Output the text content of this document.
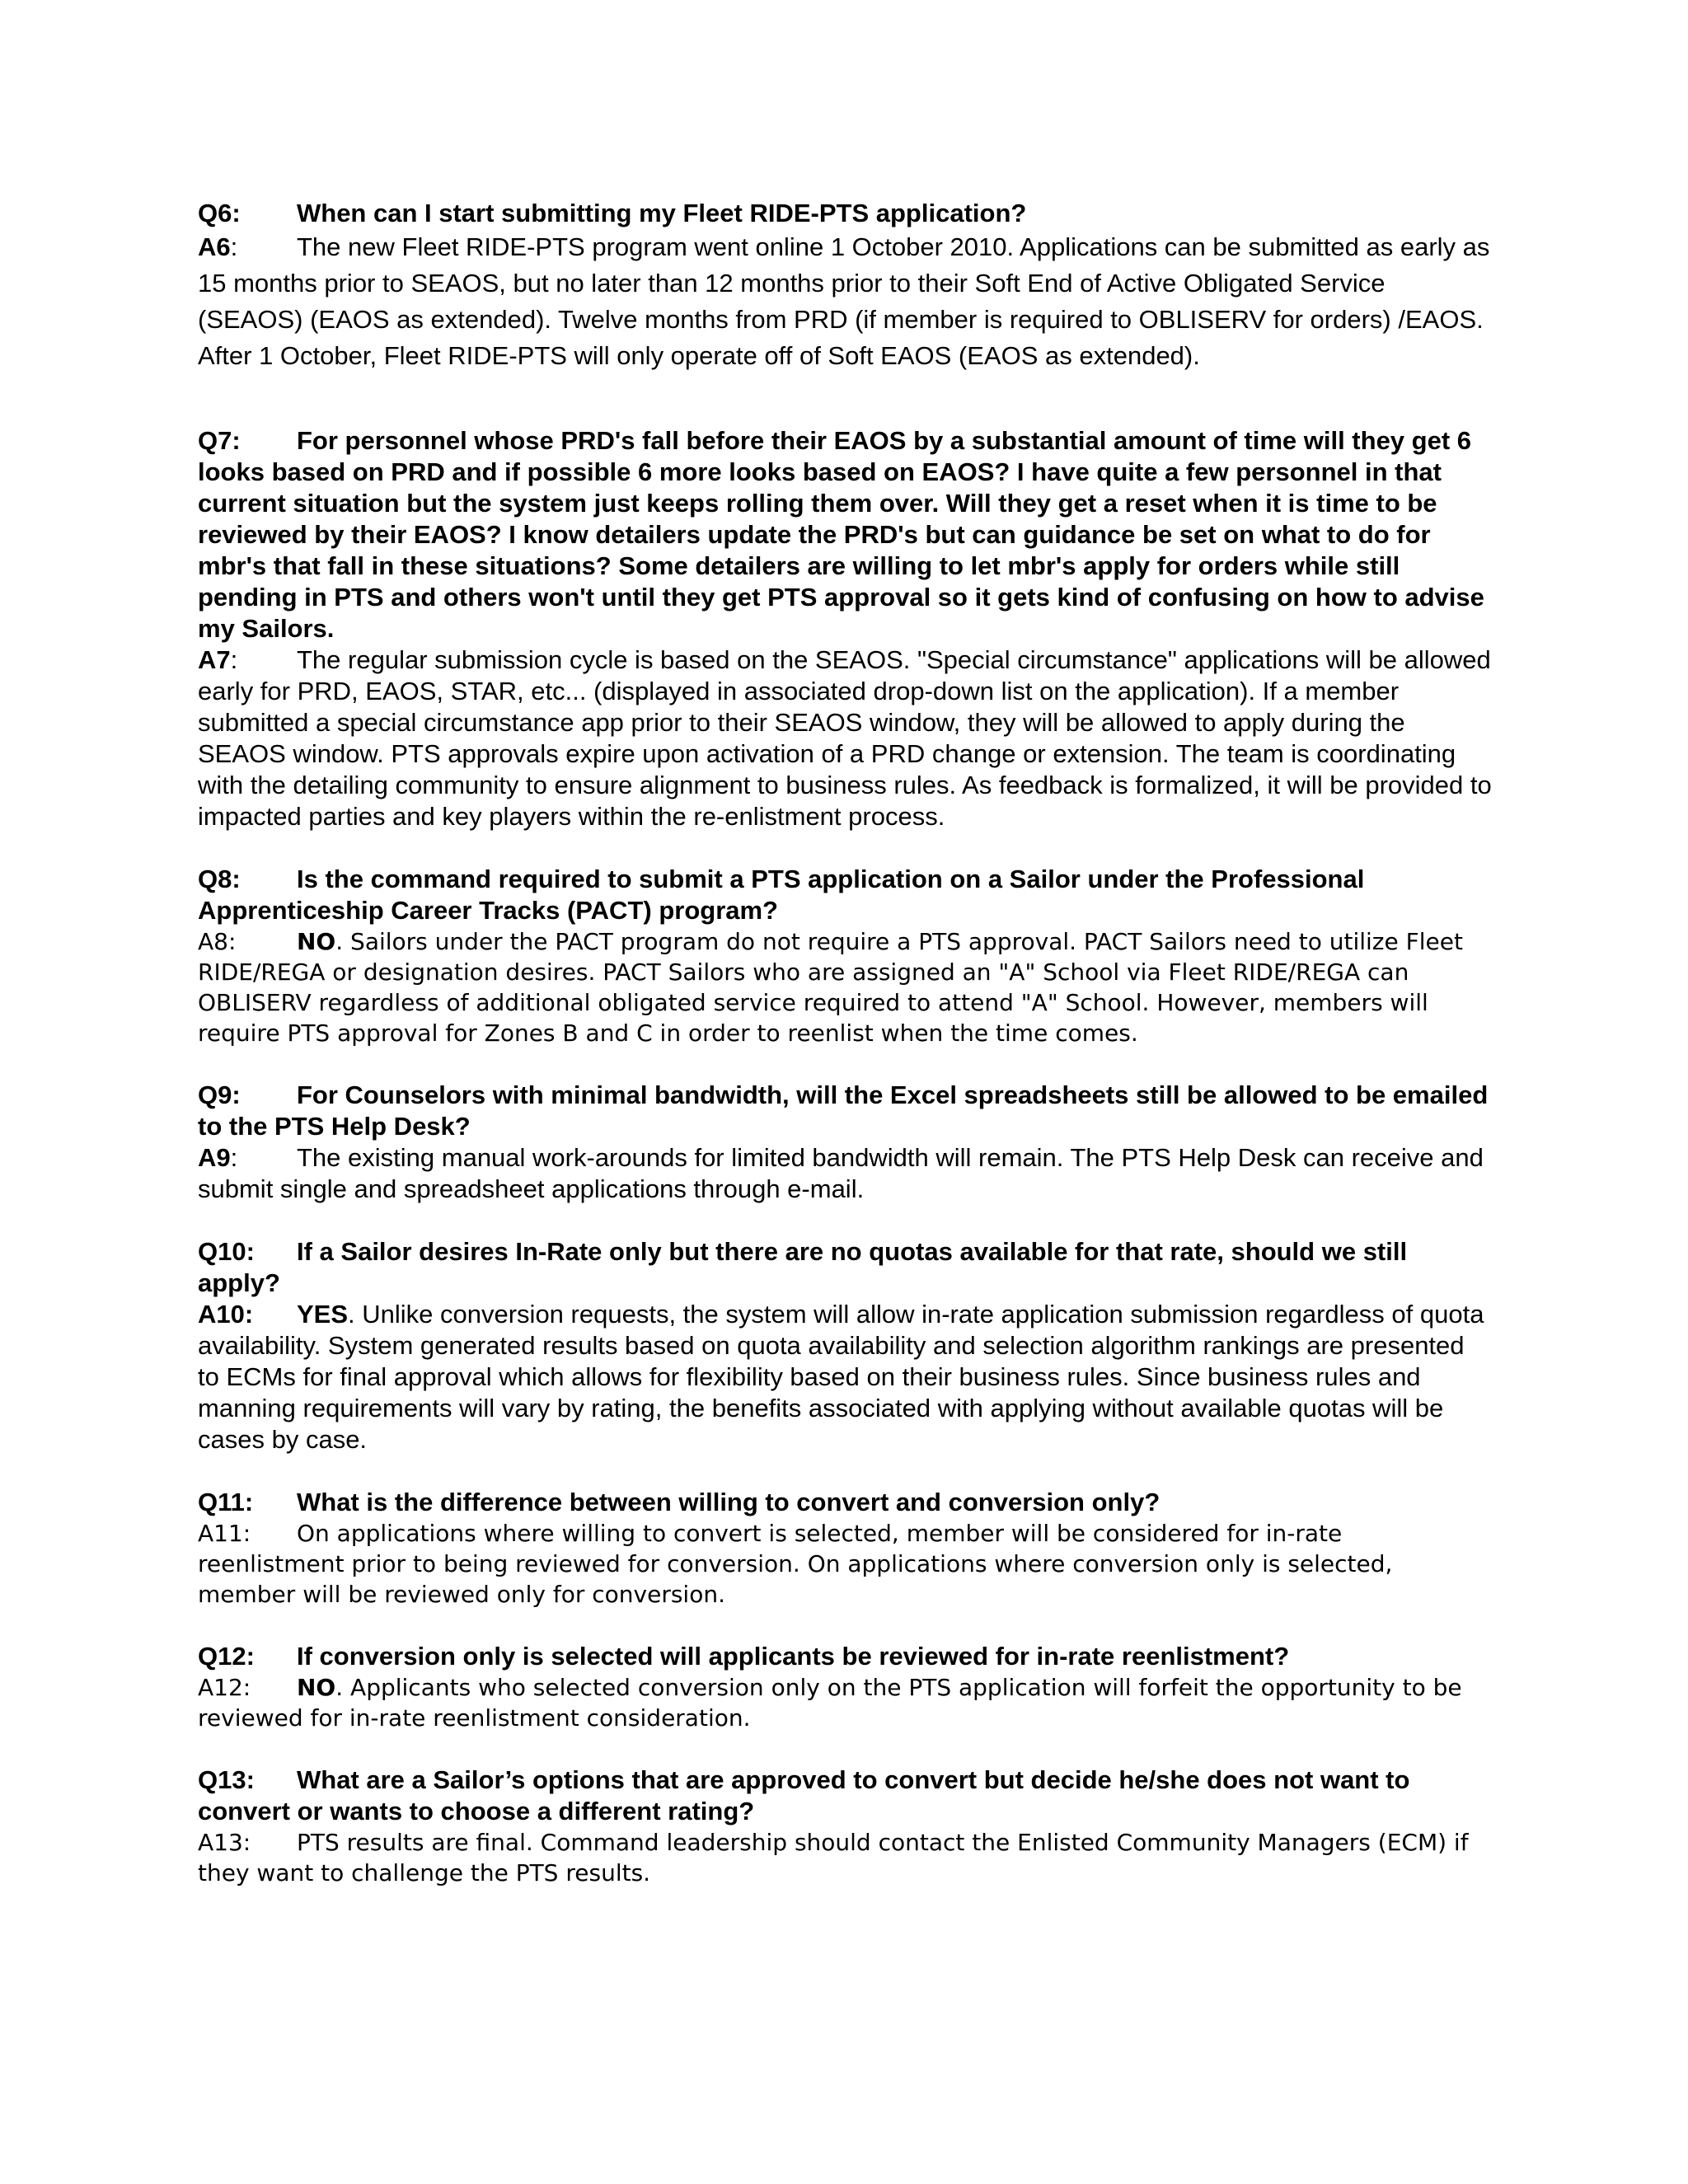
Q6: When can I start submitting my Fleet RIDE-PTS application?
A6: The new Fleet RIDE-PTS program went online 1 October 2010. Applications can be submitted as early as 15 months prior to SEAOS, but no later than 12 months prior to their Soft End of Active Obligated Service (SEAOS) (EAOS as extended). Twelve months from PRD (if member is required to OBLISERV for orders) /EAOS. After 1 October, Fleet RIDE-PTS will only operate off of Soft EAOS (EAOS as extended).
Q7: For personnel whose PRD's fall before their EAOS by a substantial amount of time will they get 6 looks based on PRD and if possible 6 more looks based on EAOS? I have quite a few personnel in that current situation but the system just keeps rolling them over. Will they get a reset when it is time to be reviewed by their EAOS? I know detailers update the PRD's but can guidance be set on what to do for mbr's that fall in these situations? Some detailers are willing to let mbr's apply for orders while still pending in PTS and others won't until they get PTS approval so it gets kind of confusing on how to advise my Sailors.
A7: The regular submission cycle is based on the SEAOS. "Special circumstance" applications will be allowed early for PRD, EAOS, STAR, etc... (displayed in associated drop-down list on the application). If a member submitted a special circumstance app prior to their SEAOS window, they will be allowed to apply during the SEAOS window. PTS approvals expire upon activation of a PRD change or extension. The team is coordinating with the detailing community to ensure alignment to business rules. As feedback is formalized, it will be provided to impacted parties and key players within the re-enlistment process.
Q8: Is the command required to submit a PTS application on a Sailor under the Professional Apprenticeship Career Tracks (PACT) program?
A8:	NO. Sailors under the PACT program do not require a PTS approval. PACT Sailors need to utilize Fleet RIDE/REGA or designation desires. PACT Sailors who are assigned an "A" School via Fleet RIDE/REGA can OBLISERV regardless of additional obligated service required to attend "A" School. However, members will require PTS approval for Zones B and C in order to reenlist when the time comes.
Q9: For Counselors with minimal bandwidth, will the Excel spreadsheets still be allowed to be emailed to the PTS Help Desk?
A9: The existing manual work-arounds for limited bandwidth will remain. The PTS Help Desk can receive and submit single and spreadsheet applications through e-mail.
Q10: If a Sailor desires In-Rate only but there are no quotas available for that rate, should we still apply?
A10: YES. Unlike conversion requests, the system will allow in-rate application submission regardless of quota availability. System generated results based on quota availability and selection algorithm rankings are presented to ECMs for final approval which allows for flexibility based on their business rules. Since business rules and manning requirements will vary by rating, the benefits associated with applying without available quotas will be cases by case.
Q11: What is the difference between willing to convert and conversion only?
A11: On applications where willing to convert is selected, member will be considered for in-rate reenlistment prior to being reviewed for conversion. On applications where conversion only is selected, member will be reviewed only for conversion.
Q12: If conversion only is selected will applicants be reviewed for in-rate reenlistment?
A12: NO. Applicants who selected conversion only on the PTS application will forfeit the opportunity to be reviewed for in-rate reenlistment consideration.
Q13: What are a Sailor’s options that are approved to convert but decide he/she does not want to convert or wants to choose a different rating?
A13: PTS results are final. Command leadership should contact the Enlisted Community Managers (ECM) if they want to challenge the PTS results.
